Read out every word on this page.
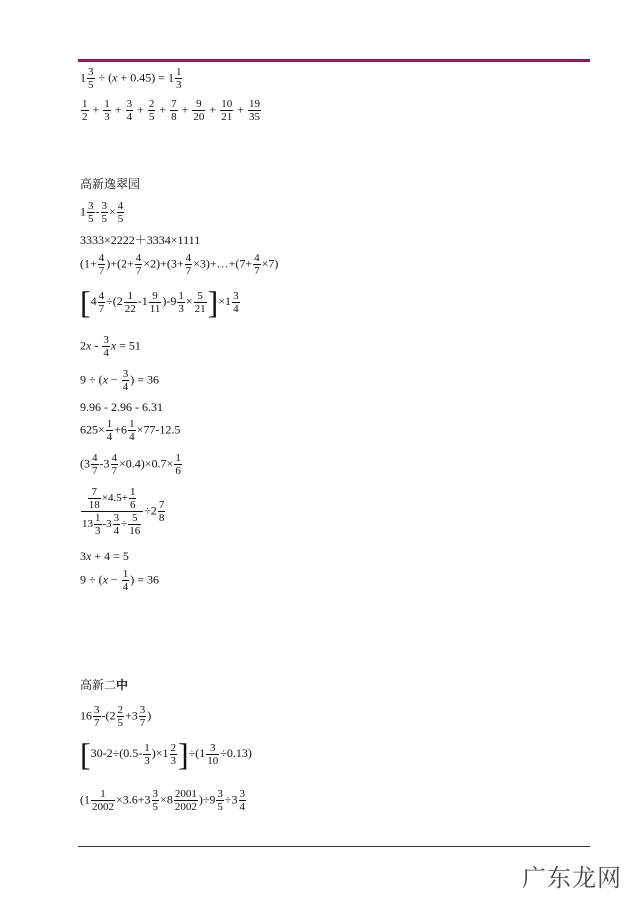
$1 \frac{3}{5} \div (x + 0.45) = 1 \frac{1}{3}$
$\frac{1}{2} + \frac{1}{3} + \frac{3}{4} + \frac{2}{5} + \frac{7}{8} + \frac{9}{20} + \frac{10}{21} + \frac{19}{35}$
高新逸翠园
$1 \frac{3}{5} - \frac{3}{5} \times \frac{4}{5}$
3333×2222＋3334×1111
$(1+ \frac{4}{7} )+(2+ \frac{4}{7} \times 2)+(3+ \frac{4}{7}$ ×3)+…+(7+ $\frac{4}{7} \times 7$)
$[4 \frac{4}{7} \div(2 \frac{1}{22} -1 \frac{9}{11} )-9 \frac{1}{3} \times \frac{5}{21} ]\times 1 \frac{3}{4}$
$2x - \frac{3}{4}$ x = 51
$9 \div (x - \frac{3}{4}$ ) = 36
9.96 - 2.96 - 6.31
$625\times \frac{1}{4} +6 \frac{1}{4} \times 77-12.5$
$(3 \frac{4}{7} -3 \frac{4}{7} \times 0.4)\times 0.7\times \frac{1}{6}$
$\frac{\frac{7}{18} \times 4.5+ \frac{1}{6}}{13 \frac{1}{3} -3 \frac{3}{4} \div \frac{5}{16}} \div 2 \frac{7}{8}$
3x + 4 = 5
$9 \div (x - \frac{1}{4}$ ) = 36
高新二中
$16 \frac{3}{7} -(2 \frac{2}{5} +3 \frac{3}{7}$ )
$[30-2\div(0.5- \frac{1}{3} )\times 1 \frac{2}{3} ]\div(1 \frac{3}{10} \div 0.13)$
$(1 \frac{1}{2002} \times 3.6+3 \frac{3}{5} \times 8 \frac{2001}{2002} )\div 9 \frac{3}{5} \div 3 \frac{3}{4}$
广东龙网
